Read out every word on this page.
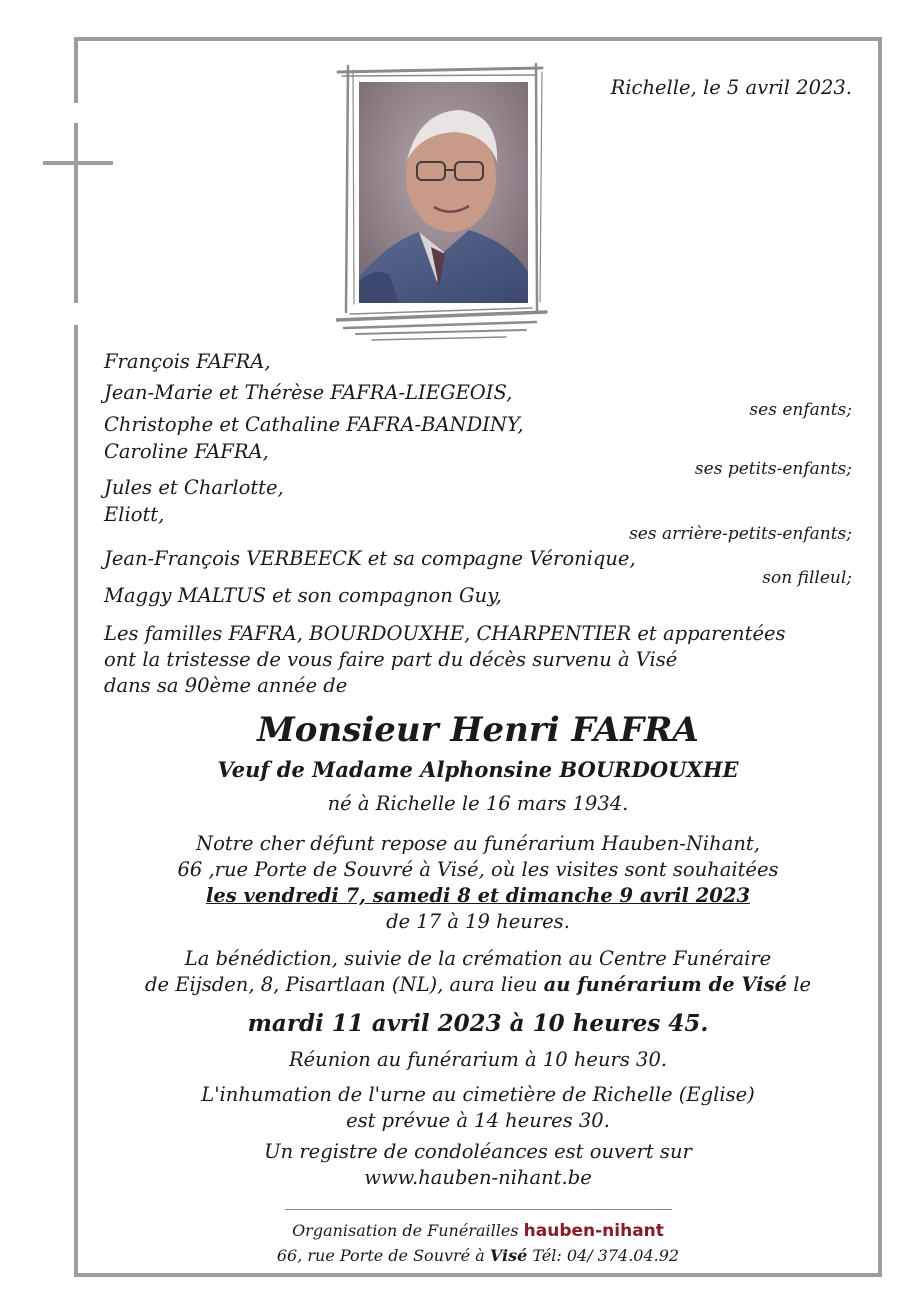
Richelle, le 5 avril 2023.
François FAFRA,
Jean-Marie et Thérèse FAFRA-LIEGEOIS,
Christophe et Cathaline FAFRA-BANDINY,
Caroline FAFRA,
Jules et Charlotte,
Eliott,
Jean-François VERBEECK et sa compagne Véronique,
Maggy MALTUS et son compagnon Guy,
ses enfants;
ses petits-enfants;
ses arrière-petits-enfants;
son filleul;
Les familles FAFRA, BOURDOUXHE, CHARPENTIER et apparentées
ont la tristesse de vous faire part du décès survenu à Visé
dans sa 90ème année de
Monsieur Henri FAFRA
Veuf de Madame Alphonsine BOURDOUXHE
né à Richelle le 16 mars 1934.
Notre cher défunt repose au funérarium Hauben-Nihant,
66 ,rue Porte de Souvré à Visé, où les visites sont souhaitées
les vendredi 7, samedi 8 et dimanche 9 avril 2023
de 17 à 19 heures.
La bénédiction, suivie de la crémation au Centre Funéraire
de Eijsden, 8, Pisartlaan (NL), aura lieu au funérarium de Visé le
mardi 11 avril 2023 à 10 heures 45.
Réunion au funérarium à 10 heurs 30.
L'inhumation de l'urne au cimetière de Richelle (Eglise)
est prévue à 14 heures 30.
Un registre de condoléances est ouvert sur
www.hauben-nihant.be
Organisation de Funérailles hauben-nihant
66, rue Porte de Souvré à Visé Tél: 04/ 374.04.92
